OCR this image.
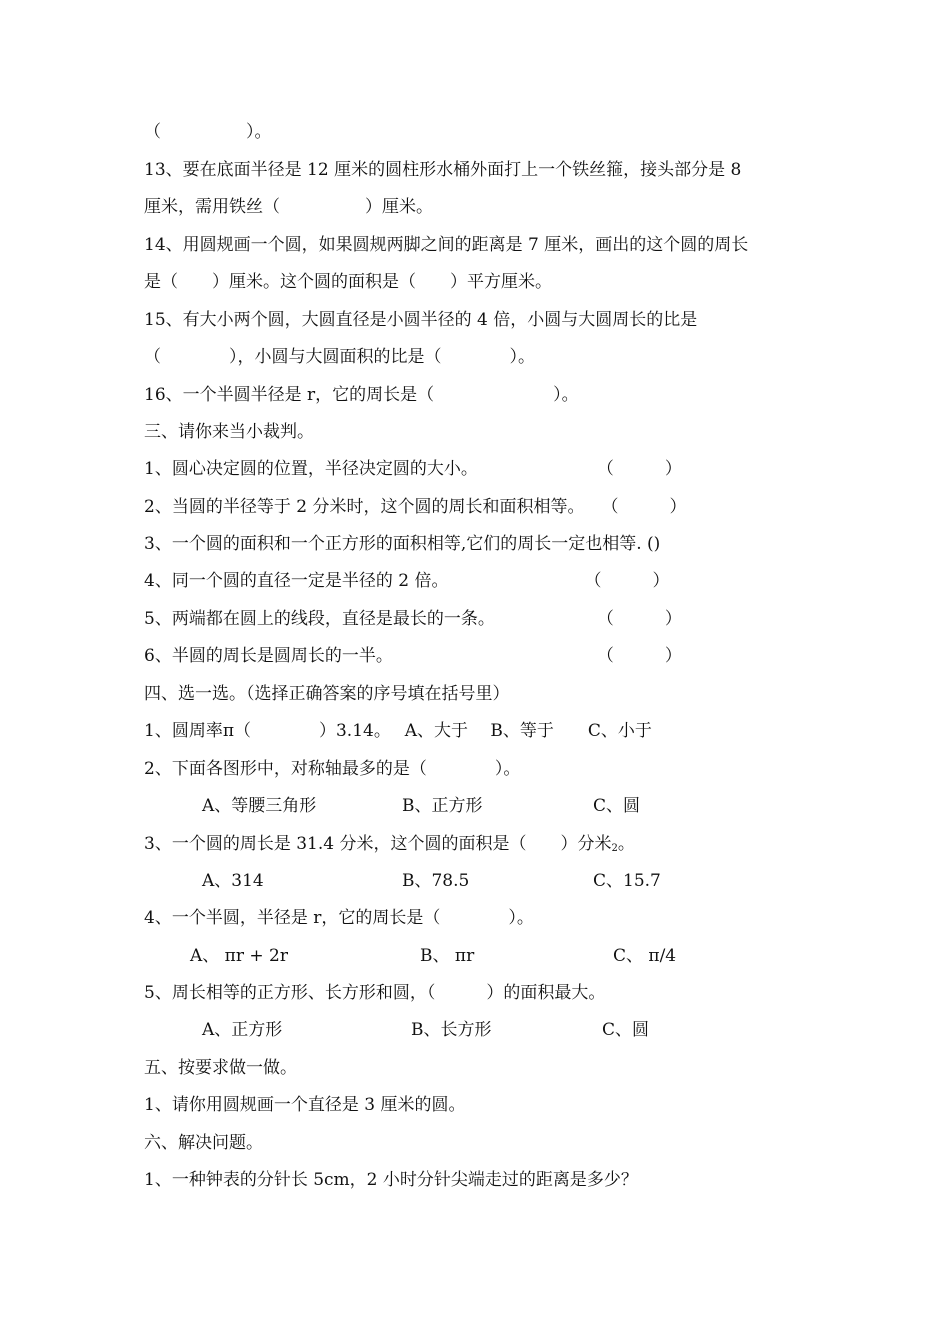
（　　　　　）。
13、要在底面半径是 12 厘米的圆柱形水桶外面打上一个铁丝箍，接头部分是 8
厘米，需用铁丝（　　　　　）厘米。
14、用圆规画一个圆，如果圆规两脚之间的距离是 7 厘米，画出的这个圆的周长
是（　　）厘米。这个圆的面积是（　　）平方厘米。
15、有大小两个圆，大圆直径是小圆半径的 4 倍，小圆与大圆周长的比是
（　　　　），小圆与大圆面积的比是（　　　　）。
16、一个半圆半径是 r，它的周长是（　　　　　　　）。
三、请你来当小裁判。
1、圆心决定圆的位置，半径决定圆的大小。　　　　　　　　（　　　）
2、当圆的半径等于 2 分米时，这个圆的周长和面积相等。　　（　　　）
3、一个圆的面积和一个正方形的面积相等,它们的周长一定也相等. ()
4、同一个圆的直径一定是半径的 2 倍。　　　　　　　　　（　　　）
5、两端都在圆上的线段，直径是最长的一条。　　　　　　　（　　　）
6、半圆的周长是圆周长的一半。　　　　　　　　　　　　　（　　　）
四、选一选。（选择正确答案的序号填在括号里）
1、圆周率π（　　　　）3.14。　 A、大于　 B、等于　　C、小于
2、下面各图形中，对称轴最多的是（　　　　）。
A、等腰三角形	B、正方形	C、圆
3、一个圆的周长是 31.4 分米，这个圆的面积是（　　）分米$_2$。
A、314	B、78.5	C、15.7
4、一个半圆，半径是 r，它的周长是（　　　　）。
A、 πr + 2r	B、 πr	C、 π/4
5、周长相等的正方形、长方形和圆，（　　　）的面积最大。
A、正方形	B、长方形	C、圆
五、按要求做一做。
1、请你用圆规画一个直径是 3 厘米的圆。
六、解决问题。
1、一种钟表的分针长 5cm，2 小时分针尖端走过的距离是多少？
